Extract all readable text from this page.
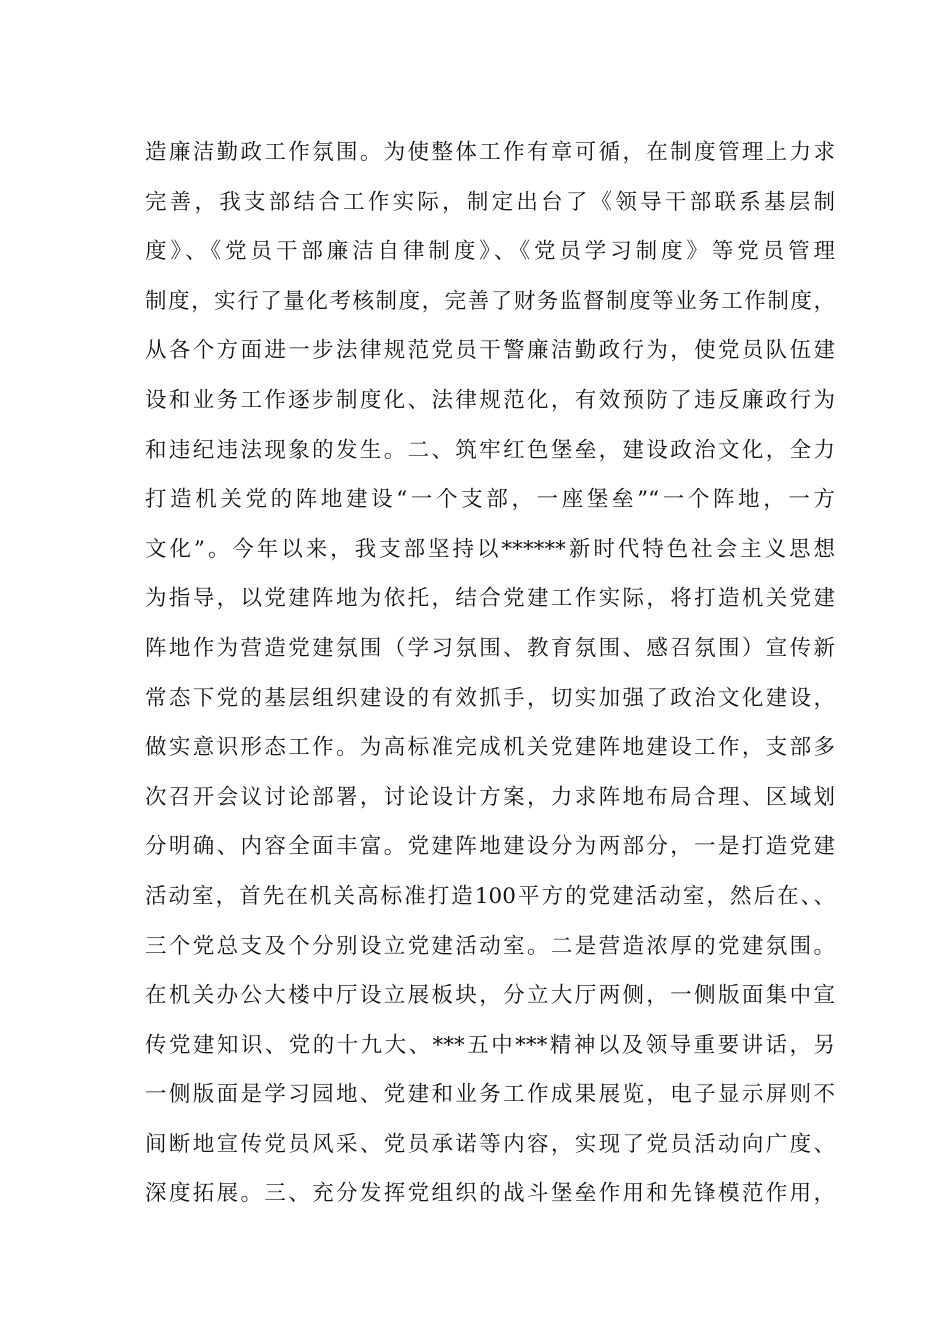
造廉洁勤政工作氛围。为使整体工作有章可循，在制度管理上力求
完善，我支部结合工作实际，制定出台了《领导干部联系基层制
度》、《党员干部廉洁自律制度》、《党员学习制度》等党员管理
制度，实行了量化考核制度，完善了财务监督制度等业务工作制度，
从各个方面进一步法律规范党员干警廉洁勤政行为，使党员队伍建
设和业务工作逐步制度化、法律规范化，有效预防了违反廉政行为
和违纪违法现象的发生。二、筑牢红色堡垒，建设政治文化，全力
打造机关党的阵地建设“一个支部，一座堡垒”“一个阵地，一方
文化”。今年以来，我支部坚持以******新时代特色社会主义思想
为指导，以党建阵地为依托，结合党建工作实际，将打造机关党建
阵地作为营造党建氛围（学习氛围、教育氛围、感召氛围）宣传新
常态下党的基层组织建设的有效抓手，切实加强了政治文化建设，
做实意识形态工作。为高标准完成机关党建阵地建设工作，支部多
次召开会议讨论部署，讨论设计方案，力求阵地布局合理、区域划
分明确、内容全面丰富。党建阵地建设分为两部分，一是打造党建
活动室，首先在机关高标准打造100平方的党建活动室，然后在、、
三个党总支及个分别设立党建活动室。二是营造浓厚的党建氛围。
在机关办公大楼中厅设立展板块，分立大厅两侧，一侧版面集中宣
传党建知识、党的十九大、***五中***精神以及领导重要讲话，另
一侧版面是学习园地、党建和业务工作成果展览，电子显示屏则不
间断地宣传党员风采、党员承诺等内容，实现了党员活动向广度、
深度拓展。三、充分发挥党组织的战斗堡垒作用和先锋模范作用，
